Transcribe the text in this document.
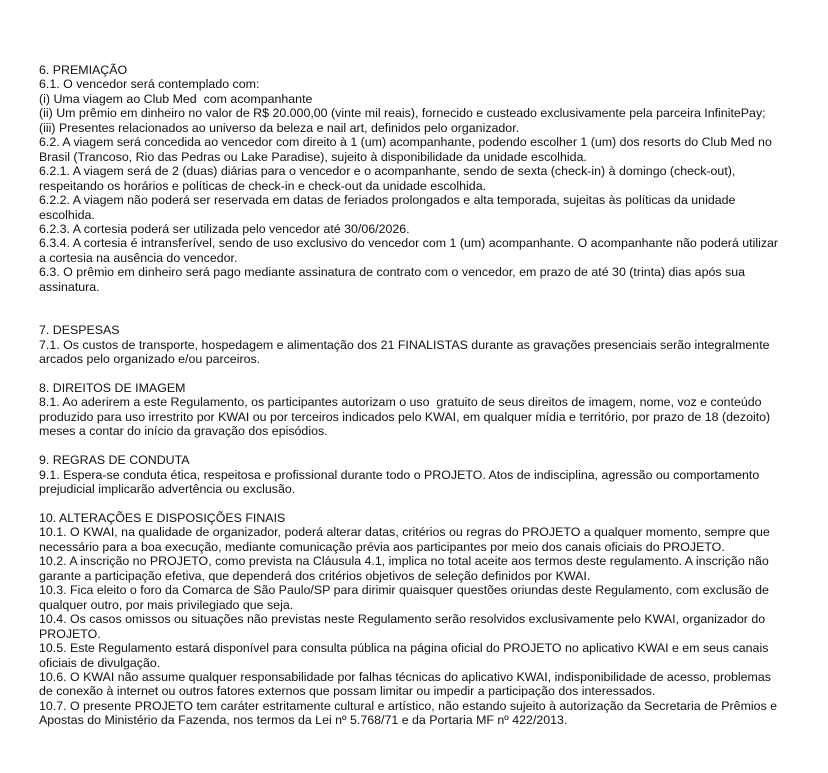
6. PREMIAÇÃO
6.1. O vencedor será contemplado com:
(i) Uma viagem ao Club Med  com acompanhante
(ii) Um prêmio em dinheiro no valor de R$ 20.000,00 (vinte mil reais), fornecido e custeado exclusivamente pela parceira InfinitePay;
(iii) Presentes relacionados ao universo da beleza e nail art, definidos pelo organizador.
6.2. A viagem será concedida ao vencedor com direito à 1 (um) acompanhante, podendo escolher 1 (um) dos resorts do Club Med no
Brasil (Trancoso, Rio das Pedras ou Lake Paradise), sujeito à disponibilidade da unidade escolhida.
6.2.1. A viagem será de 2 (duas) diárias para o vencedor e o acompanhante, sendo de sexta (check-in) à domingo (check-out),
respeitando os horários e políticas de check-in e check-out da unidade escolhida.
6.2.2. A viagem não poderá ser reservada em datas de feriados prolongados e alta temporada, sujeitas às políticas da unidade
escolhida.
6.2.3. A cortesia poderá ser utilizada pelo vencedor até 30/06/2026.
6.3.4. A cortesia é intransferível, sendo de uso exclusivo do vencedor com 1 (um) acompanhante. O acompanhante não poderá utilizar
a cortesia na ausência do vencedor.
6.3. O prêmio em dinheiro será pago mediante assinatura de contrato com o vencedor, em prazo de até 30 (trinta) dias após sua
assinatura.
7. DESPESAS
7.1. Os custos de transporte, hospedagem e alimentação dos 21 FINALISTAS durante as gravações presenciais serão integralmente
arcados pelo organizado e/ou parceiros.
8. DIREITOS DE IMAGEM
8.1. Ao aderirem a este Regulamento, os participantes autorizam o uso  gratuito de seus direitos de imagem, nome, voz e conteúdo
produzido para uso irrestrito por KWAI ou por terceiros indicados pelo KWAI, em qualquer mídia e território, por prazo de 18 (dezoito)
meses a contar do início da gravação dos episódios.
9. REGRAS DE CONDUTA
9.1. Espera-se conduta ética, respeitosa e profissional durante todo o PROJETO. Atos de indisciplina, agressão ou comportamento
prejudicial implicarão advertência ou exclusão.
10. ALTERAÇÕES E DISPOSIÇÕES FINAIS
10.1. O KWAI, na qualidade de organizador, poderá alterar datas, critérios ou regras do PROJETO a qualquer momento, sempre que
necessário para a boa execução, mediante comunicação prévia aos participantes por meio dos canais oficiais do PROJETO.
10.2. A inscrição no PROJETO, como prevista na Cláusula 4.1, implica no total aceite aos termos deste regulamento. A inscrição não
garante a participação efetiva, que dependerá dos critérios objetivos de seleção definidos por KWAI.
10.3. Fica eleito o foro da Comarca de São Paulo/SP para dirimir quaisquer questões oriundas deste Regulamento, com exclusão de
qualquer outro, por mais privilegiado que seja.
10.4. Os casos omissos ou situações não previstas neste Regulamento serão resolvidos exclusivamente pelo KWAI, organizador do
PROJETO.
10.5. Este Regulamento estará disponível para consulta pública na página oficial do PROJETO no aplicativo KWAI e em seus canais
oficiais de divulgação.
10.6. O KWAI não assume qualquer responsabilidade por falhas técnicas do aplicativo KWAI, indisponibilidade de acesso, problemas
de conexão à internet ou outros fatores externos que possam limitar ou impedir a participação dos interessados.
10.7. O presente PROJETO tem caráter estritamente cultural e artístico, não estando sujeito à autorização da Secretaria de Prêmios e
Apostas do Ministério da Fazenda, nos termos da Lei nº 5.768/71 e da Portaria MF nº 422/2013.
